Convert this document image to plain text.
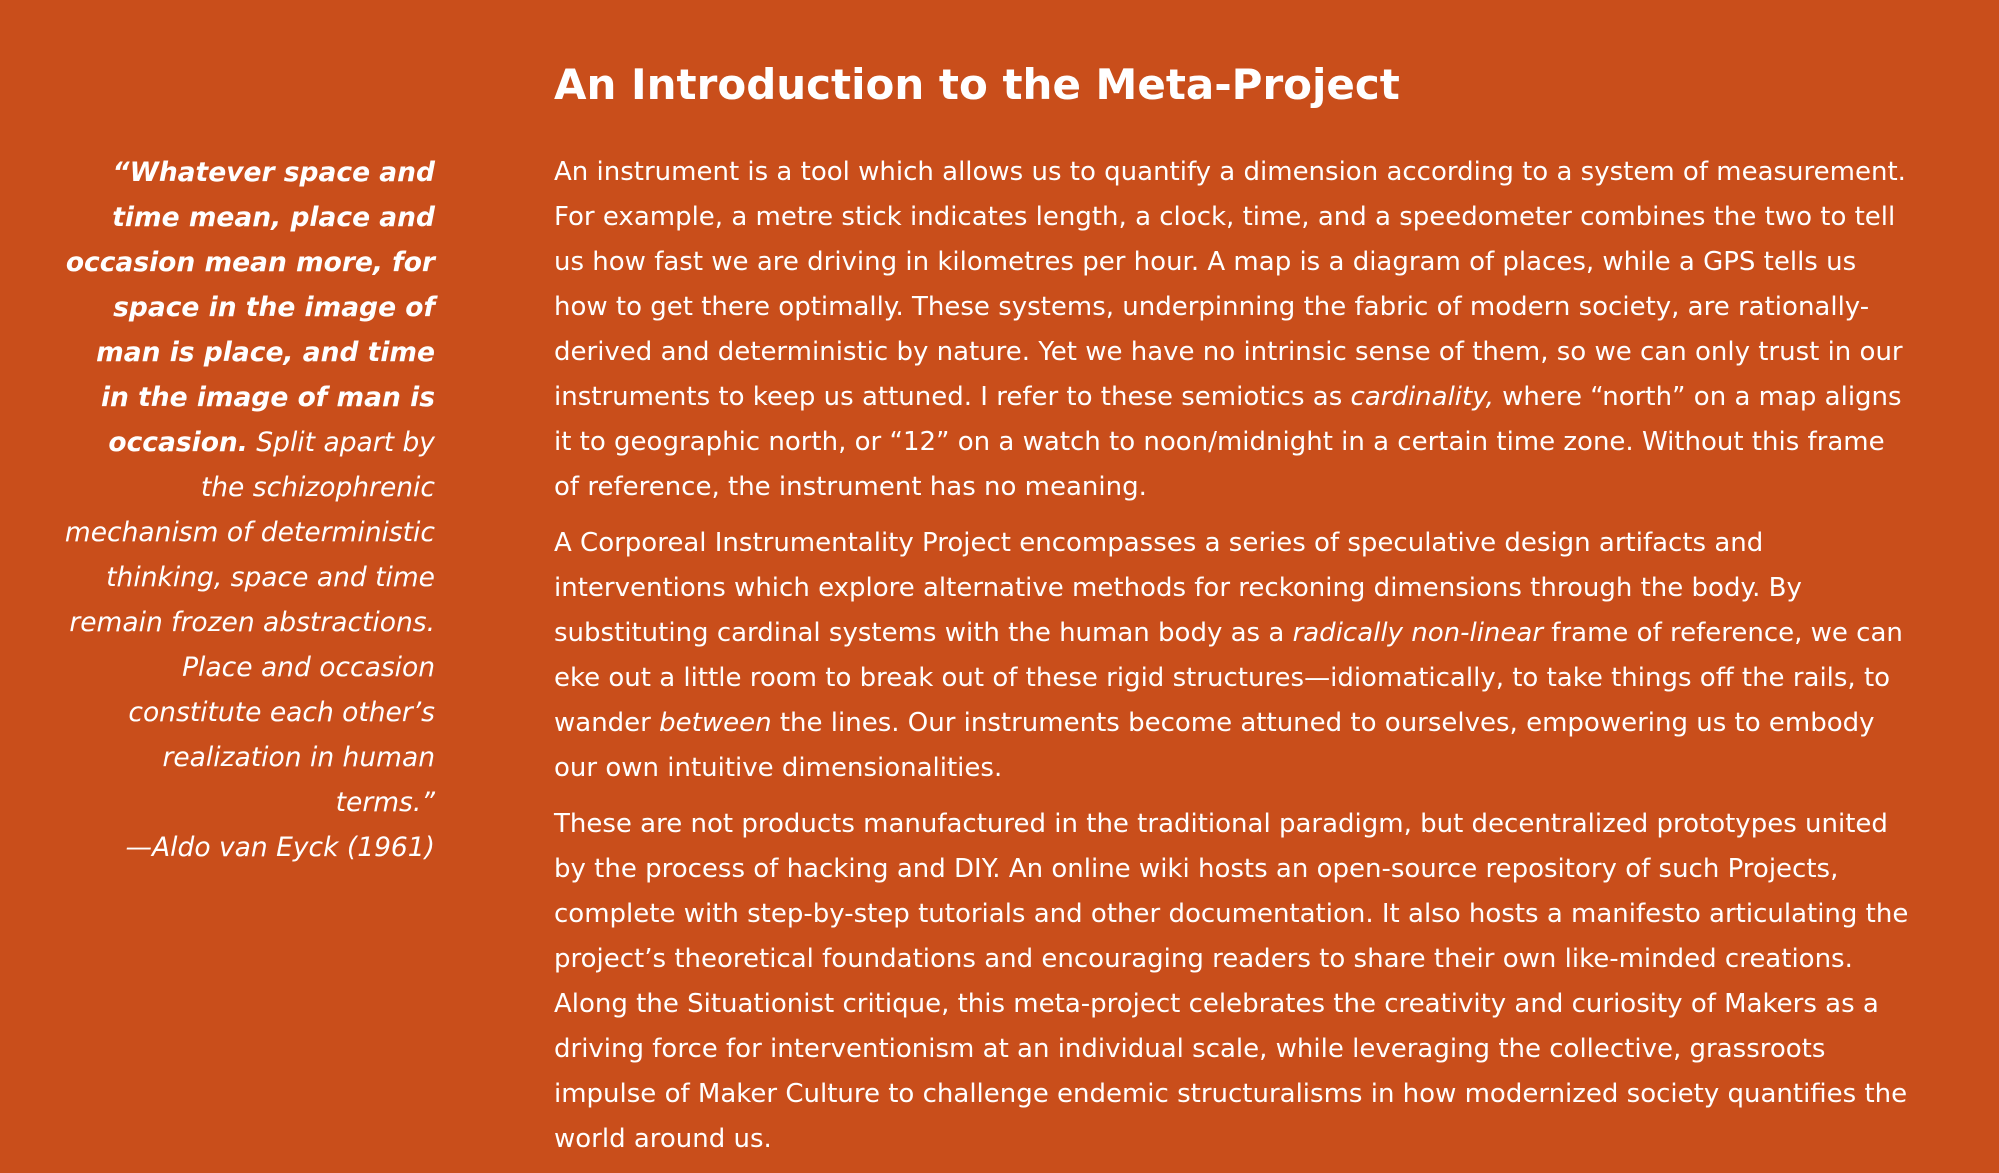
“Whatever space and time mean, place and occasion mean more, for space in the image of man is place, and time in the image of man is occasion. Split apart by the schizophrenic mechanism of deterministic thinking, space and time remain frozen abstractions. Place and occasion constitute each other’s realization in human terms.”
—Aldo van Eyck (1961)
An Introduction to the Meta-Project

An instrument is a tool which allows us to quantify a dimension according to a system of measurement. For example, a metre stick indicates length, a clock, time, and a speedometer combines the two to tell us how fast we are driving in kilometres per hour. A map is a diagram of places, while a GPS tells us how to get there optimally. These systems, underpinning the fabric of modern society, are rationally-derived and deterministic by nature. Yet we have no intrinsic sense of them, so we can only trust in our instruments to keep us attuned. I refer to these semiotics as cardinality, where “north” on a map aligns it to geographic north, or “12” on a watch to noon/midnight in a certain time zone. Without this frame of reference, the instrument has no meaning.

A Corporeal Instrumentality Project encompasses a series of speculative design artifacts and interventions which explore alternative methods for reckoning dimensions through the body. By substituting cardinal systems with the human body as a radically non-linear frame of reference, we can eke out a little room to break out of these rigid structures—idiomatically, to take things off the rails, to wander between the lines. Our instruments become attuned to ourselves, empowering us to embody our own intuitive dimensionalities.

These are not products manufactured in the traditional paradigm, but decentralized prototypes united by the process of hacking and DIY. An online wiki hosts an open-source repository of such Projects, complete with step-by-step tutorials and other documentation. It also hosts a manifesto articulating the project’s theoretical foundations and encouraging readers to share their own like-minded creations. Along the Situationist critique, this meta-project celebrates the creativity and curiosity of Makers as a driving force for interventionism at an individual scale, while leveraging the collective, grassroots impulse of Maker Culture to challenge endemic structuralisms in how modernized society quantifies the world around us.
